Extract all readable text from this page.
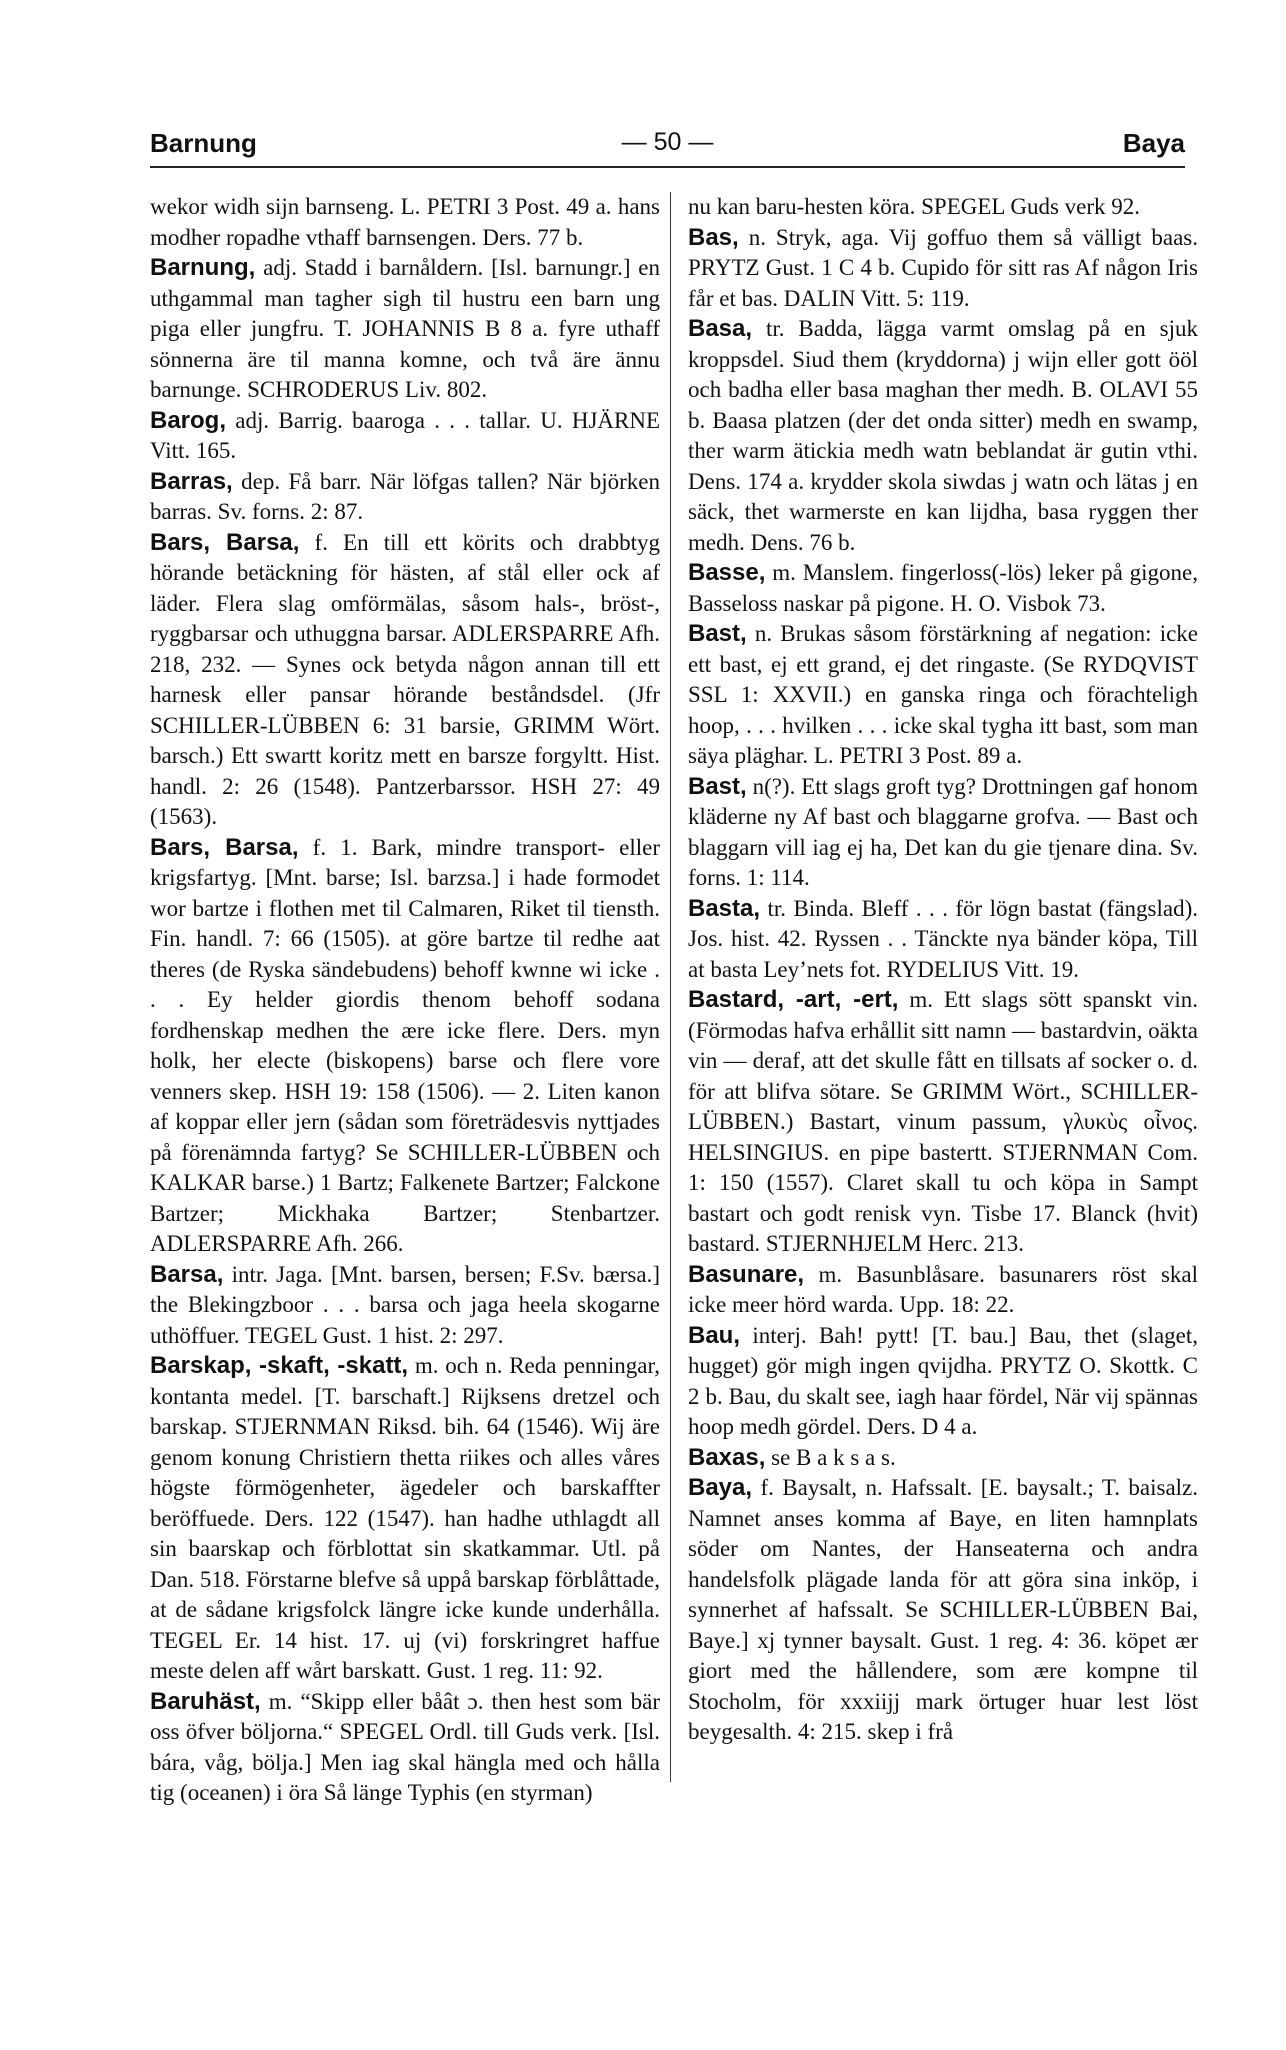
Barnung	— 50 —	Baya

wekor widh sijn barnseng. L. PETRI 3 Post. 49 a. hans modher ropadhe vthaff barnsengen. Ders. 77 b.

Barnung, adj. Stadd i barnåldern. [Isl. barnungr.] en uthgammal man tagher sigh til hustru een barn ung piga eller jungfru. T. JOHANNIS B 8 a. fyre uthaff sönnerna äre til manna komne, och två äre ännu barnunge. SCHRODERUS Liv. 802.

Barog, adj. Barrig. baaroga . . . tallar. U. HJÄRNE Vitt. 165.

Barras, dep. Få barr. När löfgas tallen? När björken barras. Sv. forns. 2: 87.

Bars, Barsa, f. En till ett körits och drabbtyg hörande betäckning för hästen, af stål eller ock af läder. Flera slag omförmälas, såsom hals-, bröst-, ryggbarsar och uthuggna barsar. ADLERSPARRE Afh. 218, 232. — Synes ock betyda någon annan till ett harnesk eller pansar hörande beståndsdel. (Jfr SCHILLER-LÜBBEN 6: 31 barsie, GRIMM Wört. barsch.) Ett swartt koritz mett en barsze forgyltt. Hist. handl. 2: 26 (1548). Pantzerbarssor. HSH 27: 49 (1563).

Bars, Barsa, f. 1. Bark, mindre transport- eller krigsfartyg. [Mnt. barse; Isl. barzsa.] i hade formodet wor bartze i flothen met til Calmaren, Riket til tiensth. Fin. handl. 7: 66 (1505). at göre bartze til redhe aat theres (de Ryska sändebudens) behoff kwnne wi icke . . . Ey helder giordis thenom behoff sodana fordhenskap medhen the ære icke flere. Ders. myn holk, her electe (biskopens) barse och flere vore venners skep. HSH 19: 158 (1506). — 2. Liten kanon af koppar eller jern (sådan som företrädesvis nyttjades på förenämnda fartyg? Se SCHILLER-LÜBBEN och KALKAR barse.) 1 Bartz; Falkenete Bartzer; Falckone Bartzer; Mickhaka Bartzer; Stenbartzer. ADLERSPARRE Afh. 266.

Barsa, intr. Jaga. [Mnt. barsen, bersen; F.Sv. bærsa.] the Blekingzboor . . . barsa och jaga heela skogarne uthöffuer. TEGEL Gust. 1 hist. 2: 297.

Barskap, -skaft, -skatt, m. och n. Reda penningar, kontanta medel. [T. barschaft.] Rijksens dretzel och barskap. STJERNMAN Riksd. bih. 64 (1546). Wij äre genom konung Christiern thetta riikes och alles våres högste förmögenheter, ägedeler och barskaffter beröffuede. Ders. 122 (1547). han hadhe uthlagdt all sin baarskap och förblottat sin skatkammar. Utl. på Dan. 518. Förstarne blefve så uppå barskap förblåttade, at de sådane krigsfolck längre icke kunde underhålla. TEGEL Er. 14 hist. 17. uj (vi) forskringret haffue meste delen aff wårt barskatt. Gust. 1 reg. 11: 92.

Baruhäst, m. “Skipp eller båât ɔ. then hest som bär oss öfver böljorna.“ SPEGEL Ordl. till Guds verk. [Isl. bára, våg, bölja.] Men iag skal hängla med och hålla tig (oceanen) i öra Så länge Typhis (en styrman)

nu kan baru-hesten köra. SPEGEL Guds verk 92.

Bas, n. Stryk, aga. Vij goffuo them så välligt baas. PRYTZ Gust. 1 C 4 b. Cupido för sitt ras Af någon Iris får et bas. DALIN Vitt. 5: 119.

Basa, tr. Badda, lägga varmt omslag på en sjuk kroppsdel. Siud them (kryddorna) j wijn eller gott ööl och badha eller basa maghan ther medh. B. OLAVI 55 b. Baasa platzen (der det onda sitter) medh en swamp, ther warm ätickia medh watn beblandat är gutin vthi. Dens. 174 a. krydder skola siwdas j watn och lätas j en säck, thet warmerste en kan lijdha, basa ryggen ther medh. Dens. 76 b.

Basse, m. Manslem. fingerloss(-lös) leker på gigone, Basseloss naskar på pigone. H. O. Visbok 73.

Bast, n. Brukas såsom förstärkning af negation: icke ett bast, ej ett grand, ej det ringaste. (Se RYDQVIST SSL 1: XXVII.) en ganska ringa och förachteligh hoop, . . . hvilken . . . icke skal tygha itt bast, som man säya pläghar. L. PETRI 3 Post. 89 a.

Bast, n(?). Ett slags groft tyg? Drottningen gaf honom kläderne ny Af bast och blaggarne grofva. — Bast och blaggarn vill iag ej ha, Det kan du gie tjenare dina. Sv. forns. 1: 114.

Basta, tr. Binda. Bleff . . . för lögn bastat (fängslad). Jos. hist. 42. Ryssen . . Tänckte nya bänder köpa, Till at basta Ley’nets fot. RYDELIUS Vitt. 19.

Bastard, -art, -ert, m. Ett slags sött spanskt vin. (Förmodas hafva erhållit sitt namn — bastardvin, oäkta vin — deraf, att det skulle fått en tillsats af socker o. d. för att blifva sötare. Se GRIMM Wört., SCHILLER-LÜBBEN.) Bastart, vinum passum, γλυκὺς οἶνος. HELSINGIUS. en pipe bastertt. STJERNMAN Com. 1: 150 (1557). Claret skall tu och köpa in Sampt bastart och godt renisk vyn. Tisbe 17. Blanck (hvit) bastard. STJERNHJELM Herc. 213.

Basunare, m. Basunblåsare. basunarers röst skal icke meer hörd warda. Upp. 18: 22.

Bau, interj. Bah! pytt! [T. bau.] Bau, thet (slaget, hugget) gör migh ingen qvijdha. PRYTZ O. Skottk. C 2 b. Bau, du skalt see, iagh haar fördel, När vij spännas hoop medh gördel. Ders. D 4 a.

Baxas, se B a k s a s.

Baya, f. Baysalt, n. Hafssalt. [E. baysalt.; T. baisalz. Namnet anses komma af Baye, en liten hamnplats söder om Nantes, der Hanseaterna och andra handelsfolk plägade landa för att göra sina inköp, i synnerhet af hafssalt. Se SCHILLER-LÜBBEN Bai, Baye.] xj tynner baysalt. Gust. 1 reg. 4: 36. köpet ær giort med the hållendere, som ære kompne til Stocholm, för xxxiijj mark örtuger huar lest löst beygesalth. 4: 215. skep i frå
